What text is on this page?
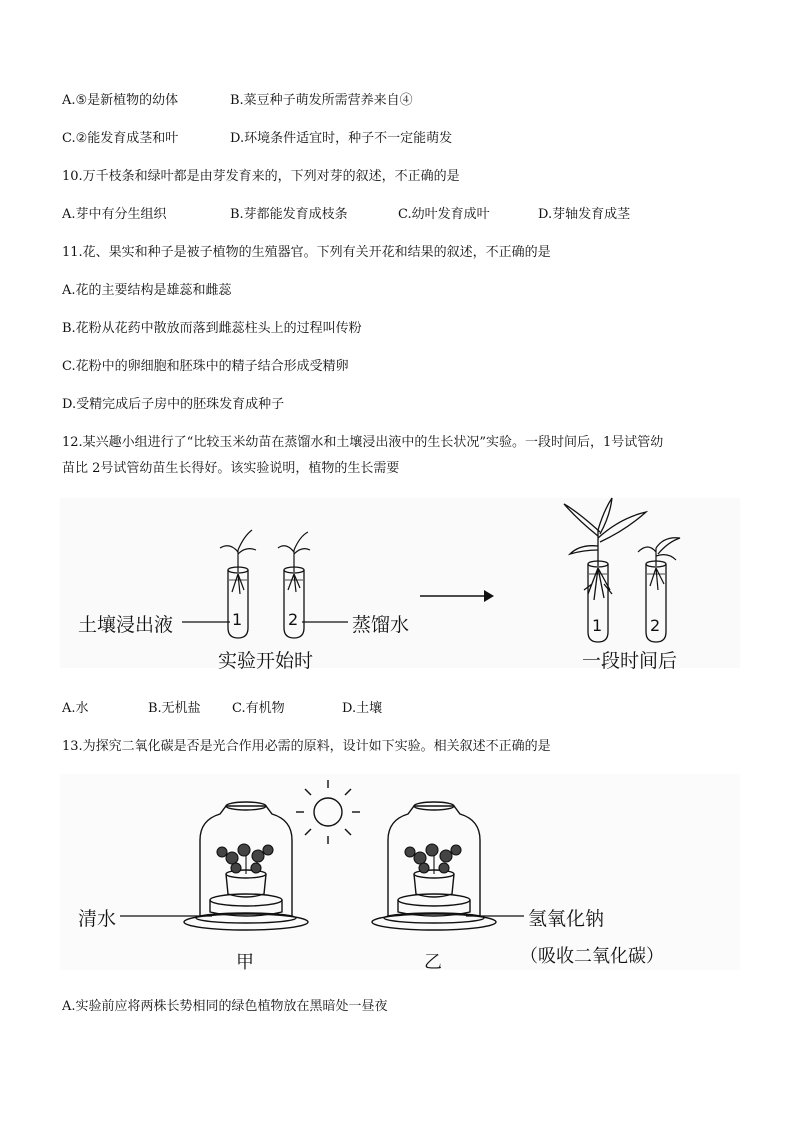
A.⑤是新植物的幼体	B.菜豆种子萌发所需营养来自④
C.②能发育成茎和叶	D.环境条件适宜时，种子不一定能萌发
10.万千枝条和绿叶都是由芽发育来的，下列对芽的叙述，不正确的是
A.芽中有分生组织	B.芽都能发育成枝条	C.幼叶发育成叶	D.芽轴发育成茎
11.花、果实和种子是被子植物的生殖器官。下列有关开花和结果的叙述，不正确的是
A.花的主要结构是雄蕊和雌蕊
B.花粉从花药中散放而落到雌蕊柱头上的过程叫传粉
C.花粉中的卵细胞和胚珠中的精子结合形成受精卵
D.受精完成后子房中的胚珠发育成种子
12.某兴趣小组进行了“比较玉米幼苗在蒸馏水和土壤浸出液中的生长状况”实验。一段时间后，1号试管幼
苗比 2号试管幼苗生长得好。该实验说明，植物的生长需要
1	2	1	2
土壤浸出液	蒸馏水
实验开始时	一段时间后
A.水	B.无机盐 C.有机物	D.土壤
13.为探究二氧化碳是否是光合作用必需的原料，设计如下实验。相关叙述不正确的是
清水	氢氧化钠
（吸收二氧化碳）
甲	乙
A.实验前应将两株长势相同的绿色植物放在黑暗处一昼夜
